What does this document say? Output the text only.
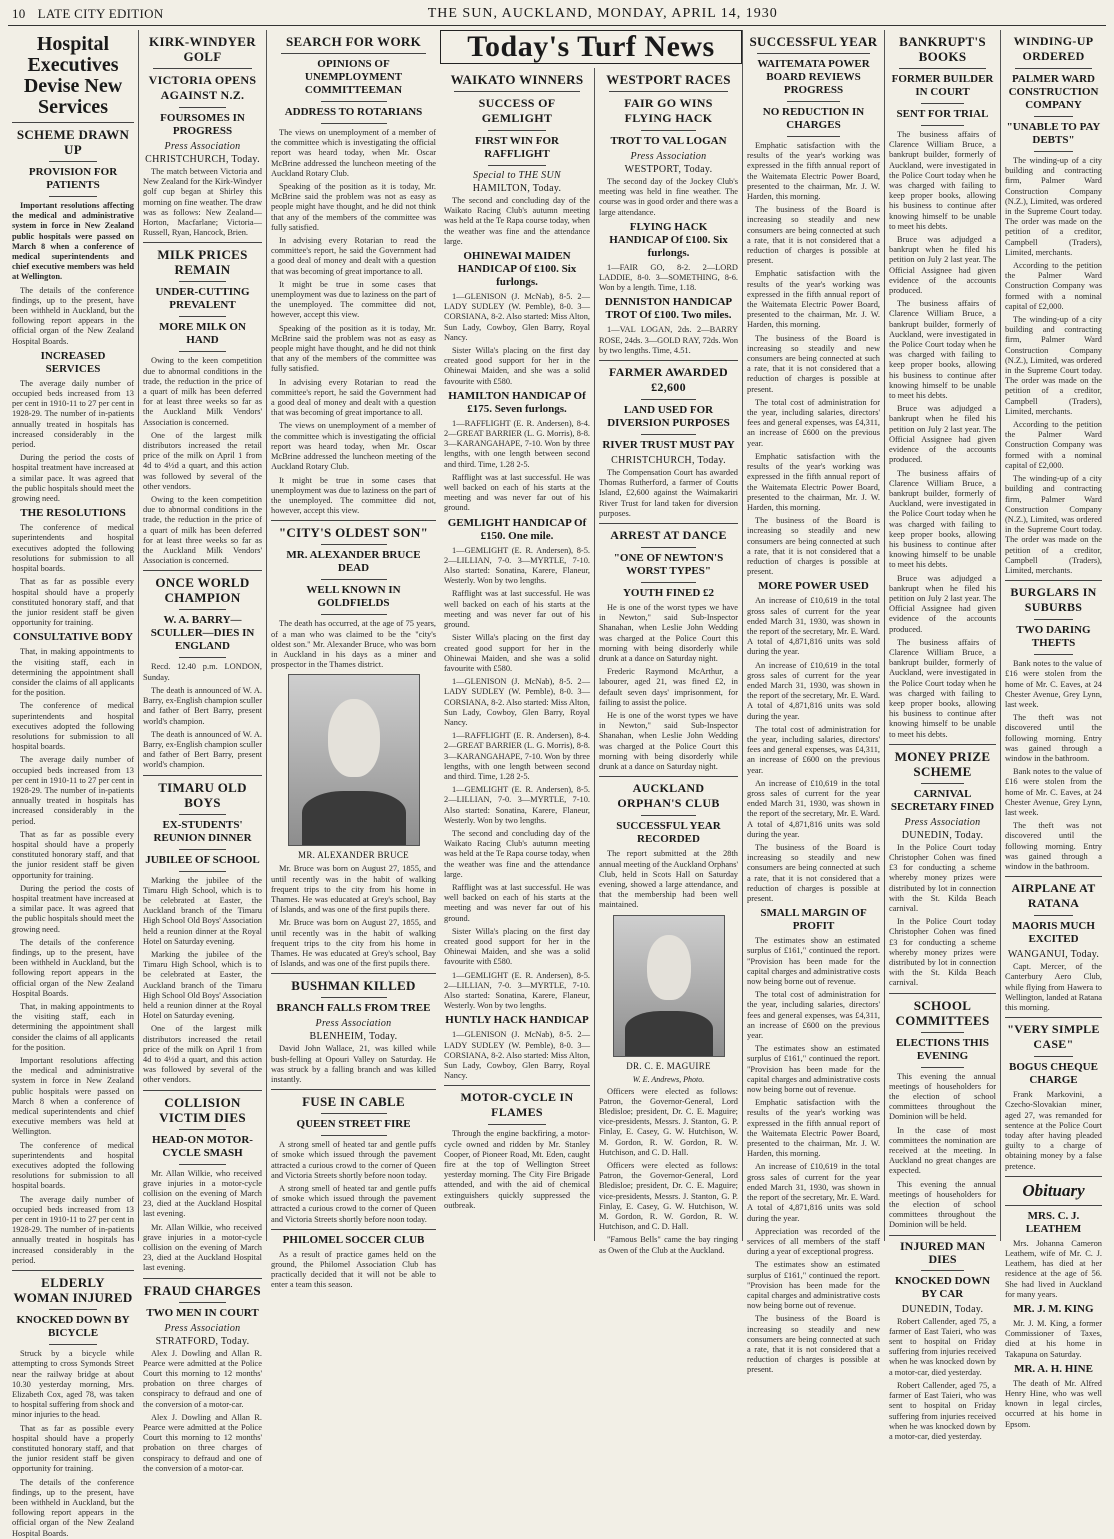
10 LATE CITY EDITION	THE SUN, AUCKLAND, MONDAY, APRIL 14, 1930
Hospital Executives Devise New Services
SCHEME DRAWN UP
PROVISION FOR PATIENTS

Important resolutions affecting the medical and administrative system in force in New Zealand public hospitals were passed on March 8 when a conference of medical superintendents and chief executive members was held at Wellington.

The details of the conference findings, up to the present, have been withheld in Auckland, but the following report appears in the official organ of the New Zealand Hospital Boards.

INCREASED SERVICES

The average daily number of occupied beds increased from 13 per cent in 1910-11 to 27 per cent in 1928-29. The number of in-patients annually treated in hospitals has increased considerably in the period.

During the period the costs of hospital treatment have increased at a similar pace. It was agreed that the public hospitals should meet the growing need.

THE RESOLUTIONS

The conference of medical superintendents and hospital executives adopted the following resolutions for submission to all hospital boards.

That as far as possible every hospital should have a properly constituted honorary staff, and that the junior resident staff be given opportunity for training.

CONSULTATIVE BODY

That, in making appointments to the visiting staff, each in determining the appointment shall consider the claims of all applicants for the position.

The conference of medical superintendents and hospital executives adopted the following resolutions for submission to all hospital boards.

The average daily number of occupied beds increased from 13 per cent in 1910-11 to 27 per cent in 1928-29. The number of in-patients annually treated in hospitals has increased considerably in the period.

That as far as possible every hospital should have a properly constituted honorary staff, and that the junior resident staff be given opportunity for training.

During the period the costs of hospital treatment have increased at a similar pace. It was agreed that the public hospitals should meet the growing need.

The details of the conference findings, up to the present, have been withheld in Auckland, but the following report appears in the official organ of the New Zealand Hospital Boards.

That, in making appointments to the visiting staff, each in determining the appointment shall consider the claims of all applicants for the position.

Important resolutions affecting the medical and administrative system in force in New Zealand public hospitals were passed on March 8 when a conference of medical superintendents and chief executive members was held at Wellington.

The conference of medical superintendents and hospital executives adopted the following resolutions for submission to all hospital boards.

The average daily number of occupied beds increased from 13 per cent in 1910-11 to 27 per cent in 1928-29. The number of in-patients annually treated in hospitals has increased considerably in the period.

ELDERLY WOMAN INJURED
KNOCKED DOWN BY BICYCLE

Struck by a bicycle while attempting to cross Symonds Street near the railway bridge at about 10.30 yesterday morning, Mrs. Elizabeth Cox, aged 78, was taken to hospital suffering from shock and minor injuries to the head.

That as far as possible every hospital should have a properly constituted honorary staff, and that the junior resident staff be given opportunity for training.

The details of the conference findings, up to the present, have been withheld in Auckland, but the following report appears in the official organ of the New Zealand Hospital Boards.

KIRK-WINDYER GOLF
VICTORIA OPENS AGAINST N.Z.
FOURSOMES IN PROGRESS
Press Association
CHRISTCHURCH, Today.

The match between Victoria and New Zealand for the Kirk-Windyer golf cup began at Shirley this morning on fine weather. The draw was as follows: New Zealand—Horton, Macfarlane; Victoria—Russell, Ryan, Hancock, Brien.

MILK PRICES REMAIN
UNDER-CUTTING PREVALENT
MORE MILK ON HAND

Owing to the keen competition due to abnormal conditions in the trade, the reduction in the price of a quart of milk has been deferred for at least three weeks so far as the Auckland Milk Vendors' Association is concerned.

One of the largest milk distributors increased the retail price of the milk on April 1 from 4d to 4½d a quart, and this action was followed by several of the other vendors.

Owing to the keen competition due to abnormal conditions in the trade, the reduction in the price of a quart of milk has been deferred for at least three weeks so far as the Auckland Milk Vendors' Association is concerned.

ONCE WORLD CHAMPION
W. A. BARRY—SCULLER—DIES IN ENGLAND

Recd. 12.40 p.m. LONDON, Sunday.

The death is announced of W. A. Barry, ex-English champion sculler and father of Bert Barry, present world's champion.

The death is announced of W. A. Barry, ex-English champion sculler and father of Bert Barry, present world's champion.

TIMARU OLD BOYS
EX-STUDENTS' REUNION DINNER
JUBILEE OF SCHOOL

Marking the jubilee of the Timaru High School, which is to be celebrated at Easter, the Auckland branch of the Timaru High School Old Boys' Association held a reunion dinner at the Royal Hotel on Saturday evening.

Marking the jubilee of the Timaru High School, which is to be celebrated at Easter, the Auckland branch of the Timaru High School Old Boys' Association held a reunion dinner at the Royal Hotel on Saturday evening.

One of the largest milk distributors increased the retail price of the milk on April 1 from 4d to 4½d a quart, and this action was followed by several of the other vendors.

COLLISION VICTIM DIES
HEAD-ON MOTOR-CYCLE SMASH

Mr. Allan Wilkie, who received grave injuries in a motor-cycle collision on the evening of March 23, died at the Auckland Hospital last evening.

Mr. Allan Wilkie, who received grave injuries in a motor-cycle collision on the evening of March 23, died at the Auckland Hospital last evening.

FRAUD CHARGES
TWO MEN IN COURT
Press Association
STRATFORD, Today.

Alex J. Dowling and Allan R. Pearce were admitted at the Police Court this morning to 12 months' probation on three charges of conspiracy to defraud and one of the conversion of a motor-car.

Alex J. Dowling and Allan R. Pearce were admitted at the Police Court this morning to 12 months' probation on three charges of conspiracy to defraud and one of the conversion of a motor-car.

SEARCH FOR WORK
OPINIONS OF UNEMPLOYMENT COMMITTEEMAN
ADDRESS TO ROTARIANS

The views on unemployment of a member of the committee which is investigating the official report was heard today, when Mr. Oscar McBrine addressed the luncheon meeting of the Auckland Rotary Club.

Speaking of the position as it is today, Mr. McBrine said the problem was not as easy as people might have thought, and he did not think that any of the members of the committee was fully satisfied.

In advising every Rotarian to read the committee's report, he said the Government had a good deal of money and dealt with a question that was becoming of great importance to all.

It might be true in some cases that unemployment was due to laziness on the part of the unemployed. The committee did not, however, accept this view.

Speaking of the position as it is today, Mr. McBrine said the problem was not as easy as people might have thought, and he did not think that any of the members of the committee was fully satisfied.

In advising every Rotarian to read the committee's report, he said the Government had a good deal of money and dealt with a question that was becoming of great importance to all.

The views on unemployment of a member of the committee which is investigating the official report was heard today, when Mr. Oscar McBrine addressed the luncheon meeting of the Auckland Rotary Club.

It might be true in some cases that unemployment was due to laziness on the part of the unemployed. The committee did not, however, accept this view.

"CITY'S OLDEST SON"
MR. ALEXANDER BRUCE DEAD
WELL KNOWN IN GOLDFIELDS

The death has occurred, at the age of 75 years, of a man who was claimed to be the "city's oldest son." Mr. Alexander Bruce, who was born in Auckland in his days as a miner and prospector in the Thames district.

MR. ALEXANDER BRUCE

Mr. Bruce was born on August 27, 1855, and until recently was in the habit of walking frequent trips to the city from his home in Thames. He was educated at Grey's school, Bay of Islands, and was one of the first pupils there.

Mr. Bruce was born on August 27, 1855, and until recently was in the habit of walking frequent trips to the city from his home in Thames. He was educated at Grey's school, Bay of Islands, and was one of the first pupils there.

BUSHMAN KILLED
BRANCH FALLS FROM TREE
Press Association
BLENHEIM, Today.

David John Wallace, 21, was killed while bush-felling at Opouri Valley on Saturday. He was struck by a falling branch and was killed instantly.

FUSE IN CABLE
QUEEN STREET FIRE

A strong smell of heated tar and gentle puffs of smoke which issued through the pavement attracted a curious crowd to the corner of Queen and Victoria Streets shortly before noon today.

A strong smell of heated tar and gentle puffs of smoke which issued through the pavement attracted a curious crowd to the corner of Queen and Victoria Streets shortly before noon today.

PHILOMEL SOCCER CLUB

As a result of practice games held on the ground, the Philomel Association Club has practically decided that it will not be able to enter a team this season.

Today's Turf News
WAIKATO WINNERS
SUCCESS OF GEMLIGHT
FIRST WIN FOR RAFFLIGHT
Special to THE SUN
HAMILTON, Today.

The second and concluding day of the Waikato Racing Club's autumn meeting was held at the Te Rapa course today, when the weather was fine and the attendance large.

OHINEWAI MAIDEN HANDICAP Of £100. Six furlongs.

1—GLENISON (J. McNab), 8-5. 2—LADY SUDLEY (W. Pemble), 8-0. 3—CORSIANA, 8-2. Also started: Miss Alton, Sun Lady, Cowboy, Glen Barry, Royal Nancy.

Sister Willa's placing on the first day created good support for her in the Ohinewai Maiden, and she was a solid favourite with £580.

HAMILTON HANDICAP Of £175. Seven furlongs.

1—RAFFLIGHT (E. R. Andersen), 8-4. 2—GREAT BARRIER (L. G. Morris), 8-8. 3—KARANGAHAPE, 7-10. Won by three lengths, with one length between second and third. Time, 1.28 2-5.

Rafflight was at last successful. He was well backed on each of his starts at the meeting and was never far out of his ground.

GEMLIGHT HANDICAP Of £150. One mile.

1—GEMLIGHT (E. R. Andersen), 8-5. 2—LILLIAN, 7-0. 3—MYRTLE, 7-10. Also started: Sonatina, Karere, Flaneur, Westerly. Won by two lengths.

Rafflight was at last successful. He was well backed on each of his starts at the meeting and was never far out of his ground.

Sister Willa's placing on the first day created good support for her in the Ohinewai Maiden, and she was a solid favourite with £580.

1—GLENISON (J. McNab), 8-5. 2—LADY SUDLEY (W. Pemble), 8-0. 3—CORSIANA, 8-2. Also started: Miss Alton, Sun Lady, Cowboy, Glen Barry, Royal Nancy.

1—RAFFLIGHT (E. R. Andersen), 8-4. 2—GREAT BARRIER (L. G. Morris), 8-8. 3—KARANGAHAPE, 7-10. Won by three lengths, with one length between second and third. Time, 1.28 2-5.

1—GEMLIGHT (E. R. Andersen), 8-5. 2—LILLIAN, 7-0. 3—MYRTLE, 7-10. Also started: Sonatina, Karere, Flaneur, Westerly. Won by two lengths.

The second and concluding day of the Waikato Racing Club's autumn meeting was held at the Te Rapa course today, when the weather was fine and the attendance large.

Rafflight was at last successful. He was well backed on each of his starts at the meeting and was never far out of his ground.

Sister Willa's placing on the first day created good support for her in the Ohinewai Maiden, and she was a solid favourite with £580.

1—GEMLIGHT (E. R. Andersen), 8-5. 2—LILLIAN, 7-0. 3—MYRTLE, 7-10. Also started: Sonatina, Karere, Flaneur, Westerly. Won by two lengths.

HUNTLY HACK HANDICAP

1—GLENISON (J. McNab), 8-5. 2—LADY SUDLEY (W. Pemble), 8-0. 3—CORSIANA, 8-2. Also started: Miss Alton, Sun Lady, Cowboy, Glen Barry, Royal Nancy.

MOTOR-CYCLE IN FLAMES

Through the engine backfiring, a motor-cycle owned and ridden by Mr. Stanley Cooper, of Pioneer Road, Mt. Eden, caught fire at the top of Wellington Street yesterday morning. The City Fire Brigade attended, and with the aid of chemical extinguishers quickly suppressed the outbreak.

WESTPORT RACES
FAIR GO WINS FLYING HACK
TROT TO VAL LOGAN
Press Association
WESTPORT, Today.

The second day of the Jockey Club's meeting was held in fine weather. The course was in good order and there was a large attendance.

FLYING HACK HANDICAP Of £100. Six furlongs.

1—FAIR GO, 8-2. 2—LORD LADDIE, 8-0. 3—SOMETHING, 8-6. Won by a length. Time, 1.18.

DENNISTON HANDICAP TROT Of £100. Two miles.

1—VAL LOGAN, 2ds. 2—BARRY ROSE, 24ds. 3—GOLD RAY, 72ds. Won by two lengths. Time, 4.51.

FARMER AWARDED £2,600
LAND USED FOR DIVERSION PURPOSES
RIVER TRUST MUST PAY
CHRISTCHURCH, Today.

The Compensation Court has awarded Thomas Rutherford, a farmer of Coutts Island, £2,600 against the Waimakariri River Trust for land taken for diversion purposes.

ARREST AT DANCE
"ONE OF NEWTON'S WORST TYPES"
YOUTH FINED £2

He is one of the worst types we have in Newton," said Sub-Inspector Shanahan, when Leslie John Wedding was charged at the Police Court this morning with being disorderly while drunk at a dance on Saturday night.

Frederic Raymond McArthur, a labourer, aged 21, was fined £2, in default seven days' imprisonment, for failing to assist the police.

He is one of the worst types we have in Newton," said Sub-Inspector Shanahan, when Leslie John Wedding was charged at the Police Court this morning with being disorderly while drunk at a dance on Saturday night.

AUCKLAND ORPHAN'S CLUB
SUCCESSFUL YEAR RECORDED

The report submitted at the 28th annual meeting of the Auckland Orphans' Club, held in Scots Hall on Saturday evening, showed a large attendance, and that the membership had been well maintained.

DR. C. E. MAGUIRE
W. E. Andrews, Photo.

Officers were elected as follows: Patron, the Governor-General, Lord Bledisloe; president, Dr. C. E. Maguire; vice-presidents, Messrs. J. Stanton, G. P. Finlay, E. Casey, G. W. Hutchison, W. M. Gordon, R. W. Gordon, R. W. Hutchison, and C. D. Hall.

Officers were elected as follows: Patron, the Governor-General, Lord Bledisloe; president, Dr. C. E. Maguire; vice-presidents, Messrs. J. Stanton, G. P. Finlay, E. Casey, G. W. Hutchison, W. M. Gordon, R. W. Gordon, R. W. Hutchison, and C. D. Hall.

"Famous Bells" came the bay ringing as Owen of the Club at the Auckland.

SUCCESSFUL YEAR
WAITEMATA POWER BOARD REVIEWS PROGRESS
NO REDUCTION IN CHARGES

Emphatic satisfaction with the results of the year's working was expressed in the fifth annual report of the Waitemata Electric Power Board, presented to the chairman, Mr. J. W. Harden, this morning.

The business of the Board is increasing so steadily and new consumers are being connected at such a rate, that it is not considered that a reduction of charges is possible at present.

Emphatic satisfaction with the results of the year's working was expressed in the fifth annual report of the Waitemata Electric Power Board, presented to the chairman, Mr. J. W. Harden, this morning.

The business of the Board is increasing so steadily and new consumers are being connected at such a rate, that it is not considered that a reduction of charges is possible at present.

The total cost of administration for the year, including salaries, directors' fees and general expenses, was £4,311, an increase of £600 on the previous year.

Emphatic satisfaction with the results of the year's working was expressed in the fifth annual report of the Waitemata Electric Power Board, presented to the chairman, Mr. J. W. Harden, this morning.

The business of the Board is increasing so steadily and new consumers are being connected at such a rate, that it is not considered that a reduction of charges is possible at present.

MORE POWER USED

An increase of £10,619 in the total gross sales of current for the year ended March 31, 1930, was shown in the report of the secretary, Mr. E. Ward. A total of 4,871,816 units was sold during the year.

An increase of £10,619 in the total gross sales of current for the year ended March 31, 1930, was shown in the report of the secretary, Mr. E. Ward. A total of 4,871,816 units was sold during the year.

The total cost of administration for the year, including salaries, directors' fees and general expenses, was £4,311, an increase of £600 on the previous year.

An increase of £10,619 in the total gross sales of current for the year ended March 31, 1930, was shown in the report of the secretary, Mr. E. Ward. A total of 4,871,816 units was sold during the year.

The business of the Board is increasing so steadily and new consumers are being connected at such a rate, that it is not considered that a reduction of charges is possible at present.

SMALL MARGIN OF PROFIT

The estimates show an estimated surplus of £161," continued the report. "Provision has been made for the capital charges and administrative costs now being borne out of revenue.

The total cost of administration for the year, including salaries, directors' fees and general expenses, was £4,311, an increase of £600 on the previous year.

The estimates show an estimated surplus of £161," continued the report. "Provision has been made for the capital charges and administrative costs now being borne out of revenue.

Emphatic satisfaction with the results of the year's working was expressed in the fifth annual report of the Waitemata Electric Power Board, presented to the chairman, Mr. J. W. Harden, this morning.

An increase of £10,619 in the total gross sales of current for the year ended March 31, 1930, was shown in the report of the secretary, Mr. E. Ward. A total of 4,871,816 units was sold during the year.

Appreciation was recorded of the services of all members of the staff during a year of exceptional progress.

The estimates show an estimated surplus of £161," continued the report. "Provision has been made for the capital charges and administrative costs now being borne out of revenue.

The business of the Board is increasing so steadily and new consumers are being connected at such a rate, that it is not considered that a reduction of charges is possible at present.

BANKRUPT'S BOOKS
FORMER BUILDER IN COURT
SENT FOR TRIAL

The business affairs of Clarence William Bruce, a bankrupt builder, formerly of Auckland, were investigated in the Police Court today when he was charged with failing to keep proper books, allowing his business to continue after knowing himself to be unable to meet his debts.

Bruce was adjudged a bankrupt when he filed his petition on July 2 last year. The Official Assignee had given evidence of the accounts produced.

The business affairs of Clarence William Bruce, a bankrupt builder, formerly of Auckland, were investigated in the Police Court today when he was charged with failing to keep proper books, allowing his business to continue after knowing himself to be unable to meet his debts.

Bruce was adjudged a bankrupt when he filed his petition on July 2 last year. The Official Assignee had given evidence of the accounts produced.

The business affairs of Clarence William Bruce, a bankrupt builder, formerly of Auckland, were investigated in the Police Court today when he was charged with failing to keep proper books, allowing his business to continue after knowing himself to be unable to meet his debts.

Bruce was adjudged a bankrupt when he filed his petition on July 2 last year. The Official Assignee had given evidence of the accounts produced.

The business affairs of Clarence William Bruce, a bankrupt builder, formerly of Auckland, were investigated in the Police Court today when he was charged with failing to keep proper books, allowing his business to continue after knowing himself to be unable to meet his debts.

MONEY PRIZE SCHEME
CARNIVAL SECRETARY FINED
Press Association
DUNEDIN, Today.

In the Police Court today Christopher Cohen was fined £3 for conducting a scheme whereby money prizes were distributed by lot in connection with the St. Kilda Beach carnival.

In the Police Court today Christopher Cohen was fined £3 for conducting a scheme whereby money prizes were distributed by lot in connection with the St. Kilda Beach carnival.

SCHOOL COMMITTEES
ELECTIONS THIS EVENING

This evening the annual meetings of householders for the election of school committees throughout the Dominion will be held.

In the case of most committees the nomination are received at the meeting. In Auckland no great changes are expected.

This evening the annual meetings of householders for the election of school committees throughout the Dominion will be held.

INJURED MAN DIES
KNOCKED DOWN BY CAR
DUNEDIN, Today.

Robert Callender, aged 75, a farmer of East Taieri, who was sent to hospital on Friday suffering from injuries received when he was knocked down by a motor-car, died yesterday.

Robert Callender, aged 75, a farmer of East Taieri, who was sent to hospital on Friday suffering from injuries received when he was knocked down by a motor-car, died yesterday.

WINDING-UP ORDERED
PALMER WARD CONSTRUCTION COMPANY
"UNABLE TO PAY DEBTS"

The winding-up of a city building and contracting firm, Palmer Ward Construction Company (N.Z.), Limited, was ordered in the Supreme Court today. The order was made on the petition of a creditor, Campbell (Traders), Limited, merchants.

According to the petition the Palmer Ward Construction Company was formed with a nominal capital of £2,000.

The winding-up of a city building and contracting firm, Palmer Ward Construction Company (N.Z.), Limited, was ordered in the Supreme Court today. The order was made on the petition of a creditor, Campbell (Traders), Limited, merchants.

According to the petition the Palmer Ward Construction Company was formed with a nominal capital of £2,000.

The winding-up of a city building and contracting firm, Palmer Ward Construction Company (N.Z.), Limited, was ordered in the Supreme Court today. The order was made on the petition of a creditor, Campbell (Traders), Limited, merchants.

BURGLARS IN SUBURBS
TWO DARING THEFTS

Bank notes to the value of £16 were stolen from the home of Mr. C. Eaves, at 24 Chester Avenue, Grey Lynn, last week.

The theft was not discovered until the following morning. Entry was gained through a window in the bathroom.

Bank notes to the value of £16 were stolen from the home of Mr. C. Eaves, at 24 Chester Avenue, Grey Lynn, last week.

The theft was not discovered until the following morning. Entry was gained through a window in the bathroom.

AIRPLANE AT RATANA
MAORIS MUCH EXCITED
WANGANUI, Today.

Capt. Mercer, of the Canterbury Aero Club, while flying from Hawera to Wellington, landed at Ratana this morning.

"VERY SIMPLE CASE"
BOGUS CHEQUE CHARGE

Frank Markovini, a Czecho-Slovakian miner, aged 27, was remanded for sentence at the Police Court today after having pleaded guilty to a charge of obtaining money by a false pretence.

Obituary
MRS. C. J. LEATHEM

Mrs. Johanna Cameron Leathem, wife of Mr. C. J. Leathem, has died at her residence at the age of 56. She had lived in Auckland for many years.

MR. J. M. KING

Mr. J. M. King, a former Commissioner of Taxes, died at his home in Takapuna on Saturday.

MR. A. H. HINE

The death of Mr. Alfred Henry Hine, who was well known in legal circles, occurred at his home in Epsom.
